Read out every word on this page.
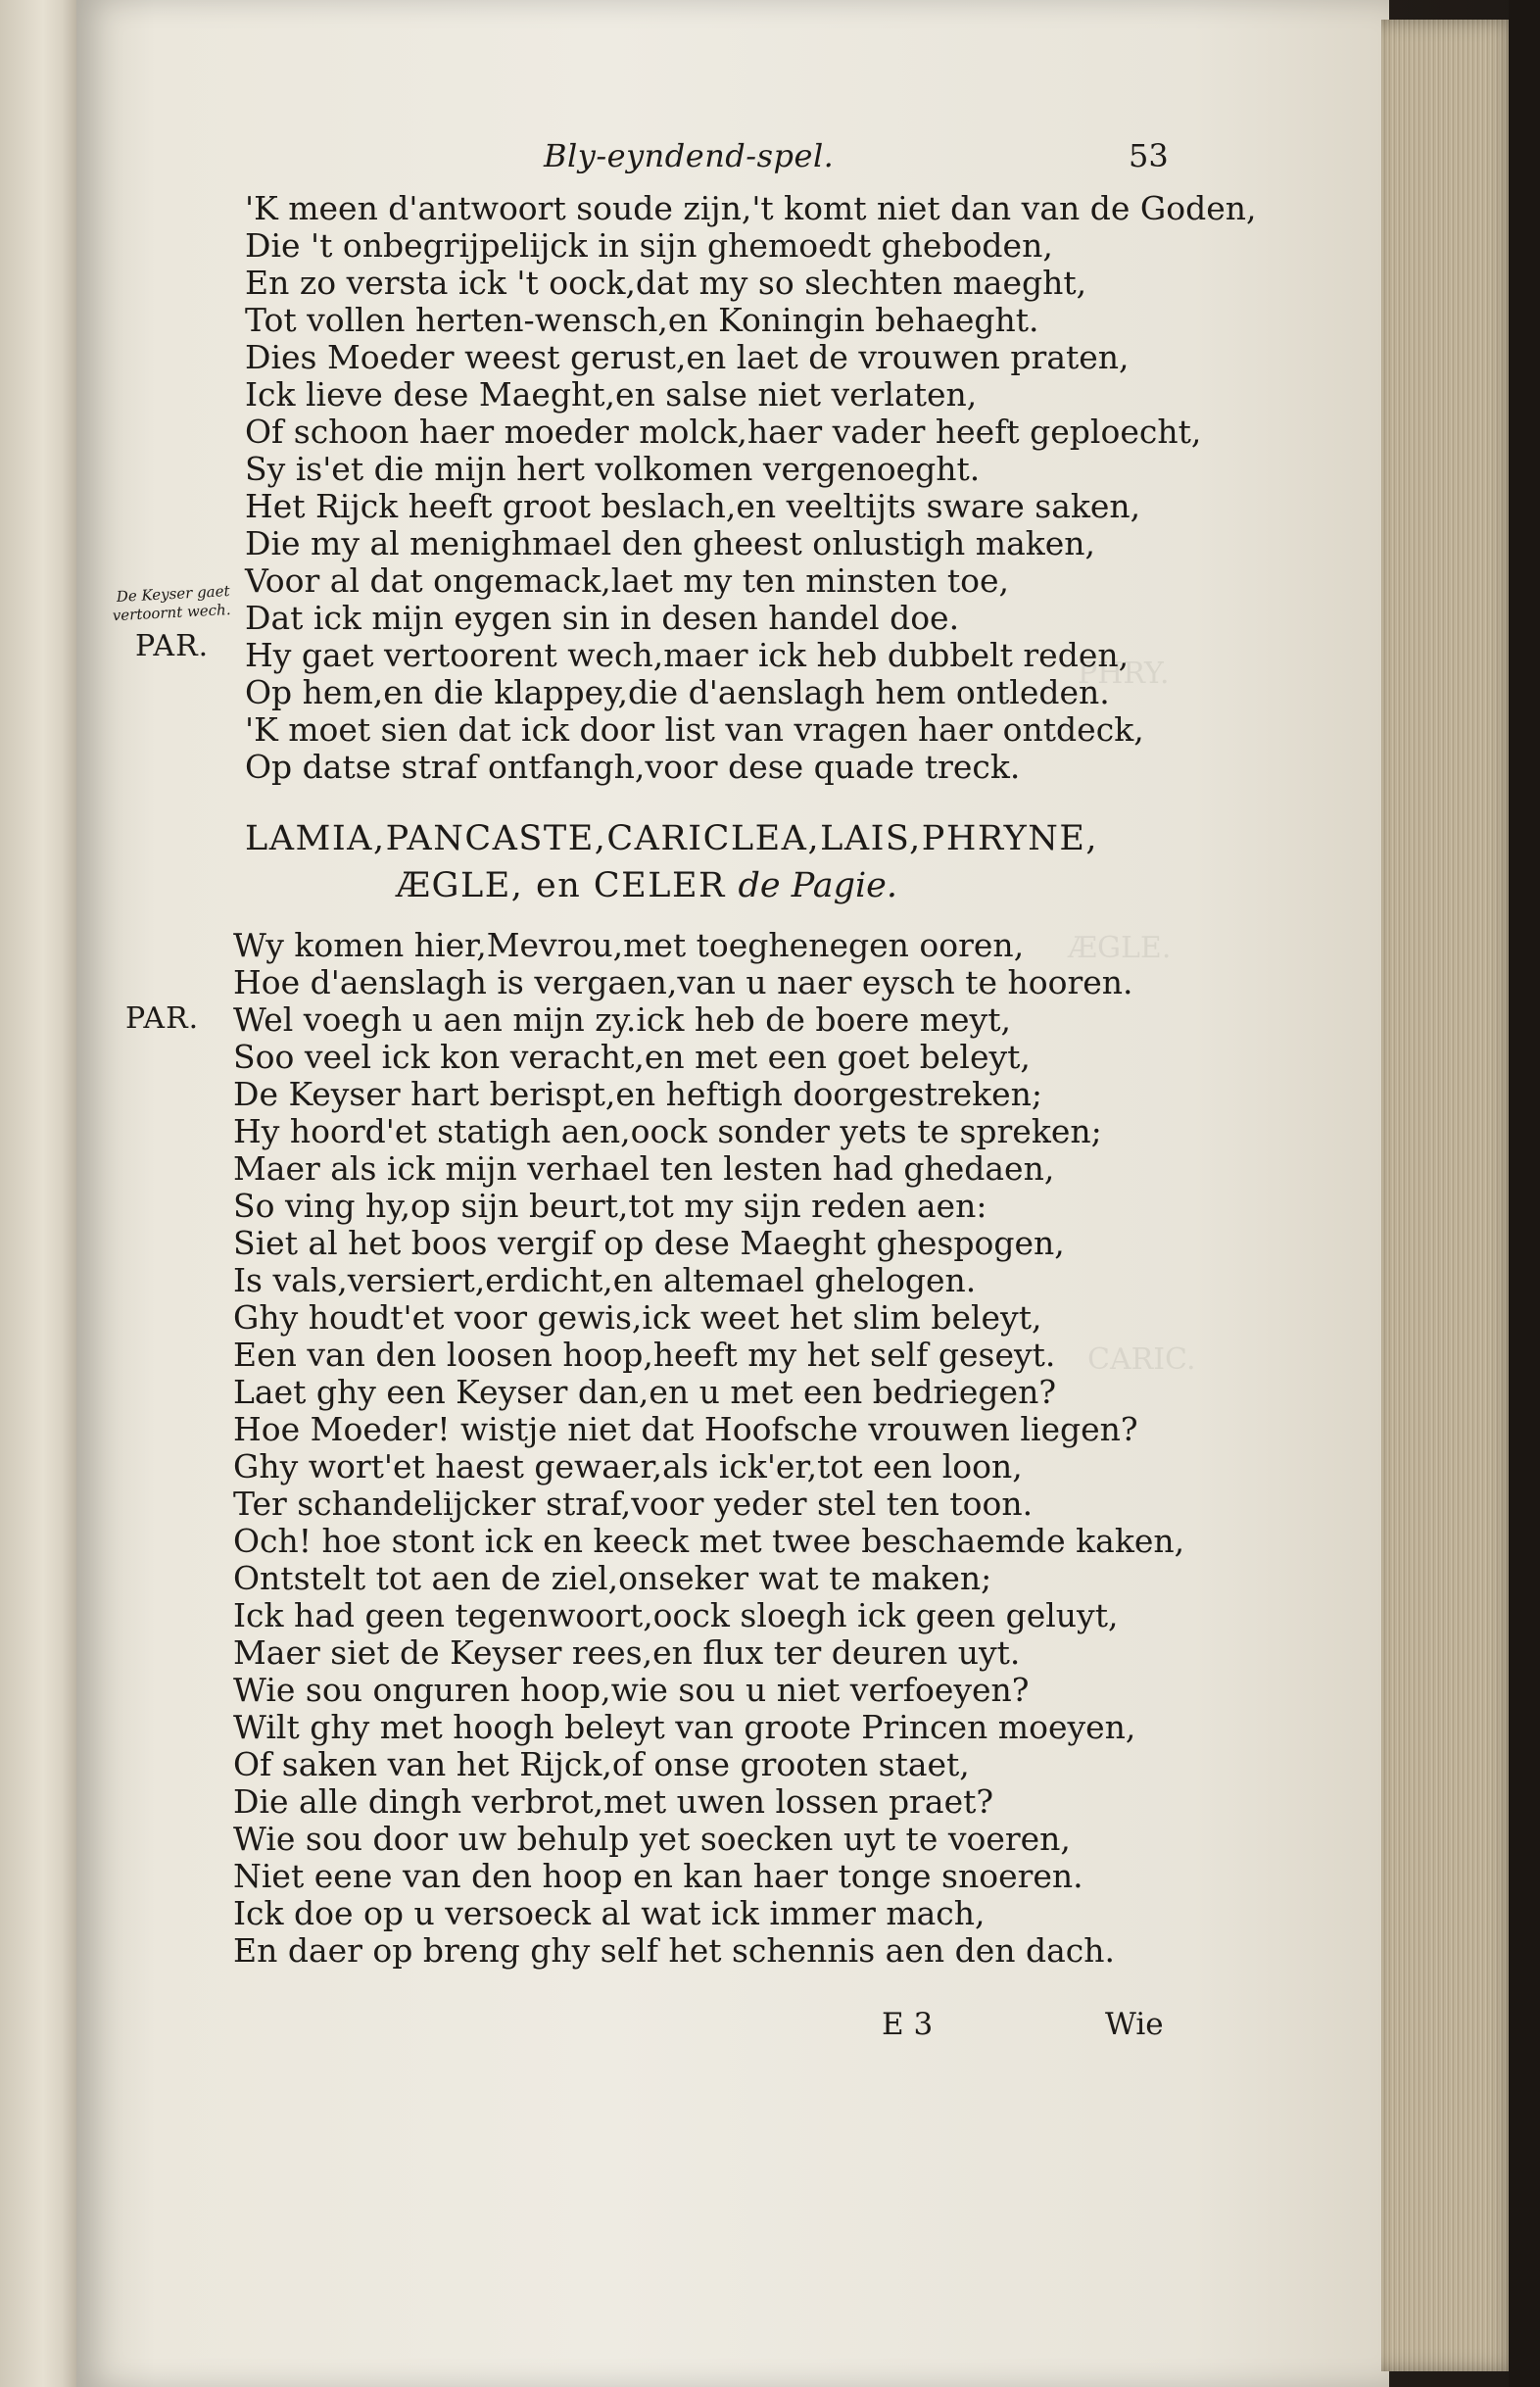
PHRY.
ÆGLE.
CARIC.
Bly-eyndend-spel.	53
'K meen d'antwoort soude zijn,'t komt niet dan van de Goden,
Die 't onbegrijpelijck in sijn ghemoedt gheboden,
En zo versta ick 't oock,dat my so slechten maeght,
Tot vollen herten-wensch,en Koningin behaeght.
Dies Moeder weest gerust,en laet de vrouwen praten,
Ick lieve dese Maeght,en salse niet verlaten,
Of schoon haer moeder molck,haer vader heeft geploecht,
Sy is'et die mijn hert volkomen vergenoeght.
Het Rijck heeft groot beslach,en veeltijts sware saken,
Die my al menighmael den gheest onlustigh maken,
Voor al dat ongemack,laet my ten minsten toe,
Dat ick mijn eygen sin in desen handel doe.
Hy gaet vertoorent wech,maer ick heb dubbelt reden,
Op hem,en die klappey,die d'aenslagh hem ontleden.
'K moet sien dat ick door list van vragen haer ontdeck,
Op datse straf ontfangh,voor dese quade treck.
De Keyser gaet vertoornt wech.
PAR.
LAMIA,PANCASTE,CARICLEA,LAIS,PHRYNE,
ÆGLE, en CELER de Pagie.
Wy komen hier,Mevrou,met toeghenegen ooren,
Hoe d'aenslagh is vergaen,van u naer eysch te hooren.
Wel voegh u aen mijn zy.ick heb de boere meyt,
Soo veel ick kon veracht,en met een goet beleyt,
De Keyser hart berispt,en heftigh doorgestreken;
Hy hoord'et statigh aen,oock sonder yets te spreken;
Maer als ick mijn verhael ten lesten had ghedaen,
So ving hy,op sijn beurt,tot my sijn reden aen:
Siet al het boos vergif op dese Maeght ghespogen,
Is vals,versiert,erdicht,en altemael ghelogen.
Ghy houdt'et voor gewis,ick weet het slim beleyt,
Een van den loosen hoop,heeft my het self geseyt.
Laet ghy een Keyser dan,en u met een bedriegen?
Hoe Moeder! wistje niet dat Hoofsche vrouwen liegen?
Ghy wort'et haest gewaer,als ick'er,tot een loon,
Ter schandelijcker straf,voor yeder stel ten toon.
Och! hoe stont ick en keeck met twee beschaemde kaken,
Ontstelt tot aen de ziel,onseker wat te maken;
Ick had geen tegenwoort,oock sloegh ick geen geluyt,
Maer siet de Keyser rees,en flux ter deuren uyt.
Wie sou onguren hoop,wie sou u niet verfoeyen?
Wilt ghy met hoogh beleyt van groote Princen moeyen,
Of saken van het Rijck,of onse grooten staet,
Die alle dingh verbrot,met uwen lossen praet?
Wie sou door uw behulp yet soecken uyt te voeren,
Niet eene van den hoop en kan haer tonge snoeren.
Ick doe op u versoeck al wat ick immer mach,
En daer op breng ghy self het schennis aen den dach.
PAR.
E 3	Wie
